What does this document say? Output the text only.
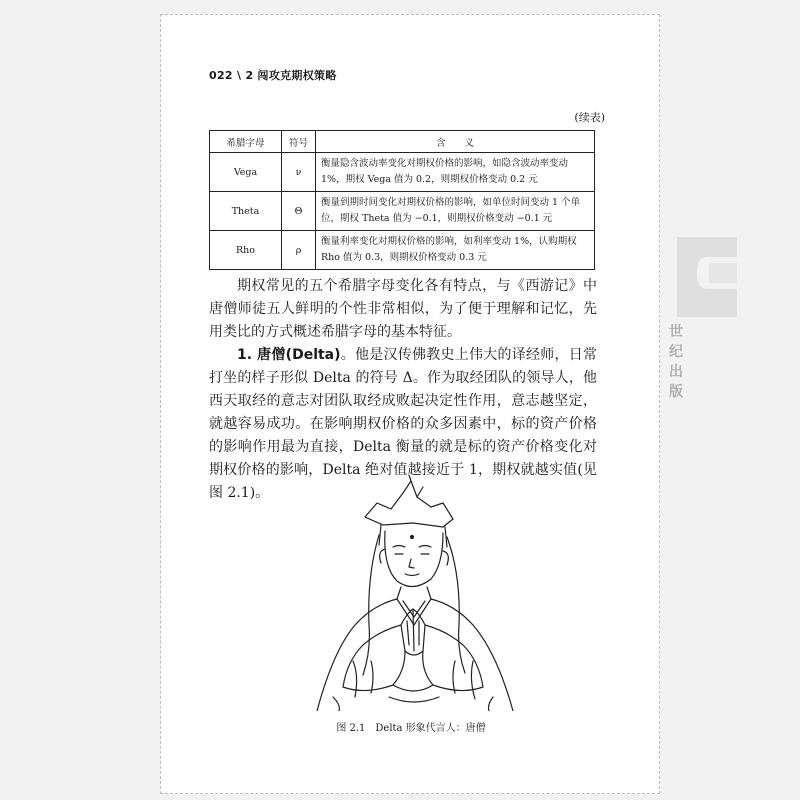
022 \ 2 闯攻克期权策略
(续表)
希腊字母	符号	含　　义
Vega	ν	衡量隐含波动率变化对期权价格的影响，如隐含波动率变动1%，期权 Vega 值为 0.2，则期权价格变动 0.2 元
Theta	Θ	衡量到期时间变化对期权价格的影响，如单位时间变动 1 个单位，期权 Theta 值为 −0.1，则期权价格变动 −0.1 元
Rho	ρ	衡量利率变化对期权价格的影响，如利率变动 1%，认购期权 Rho 值为 0.3，则期权价格变动 0.3 元

期权常见的五个希腊字母变化各有特点，与《西游记》中唐僧师徒五人鲜明的个性非常相似，为了便于理解和记忆，先用类比的方式概述希腊字母的基本特征。

1. 唐僧(Delta)。他是汉传佛教史上伟大的译经师，日常打坐的样子形似 Delta 的符号 Δ。作为取经团队的领导人，他西天取经的意志对团队取经成败起决定性作用，意志越坚定，就越容易成功。在影响期权价格的众多因素中，标的资产价格的影响作用最为直接，Delta 衡量的就是标的资产价格变化对期权价格的影响，Delta 绝对值越接近于 1，期权就越实值(见图 2.1)。

图 2.1　Delta 形象代言人：唐僧
世纪出版
